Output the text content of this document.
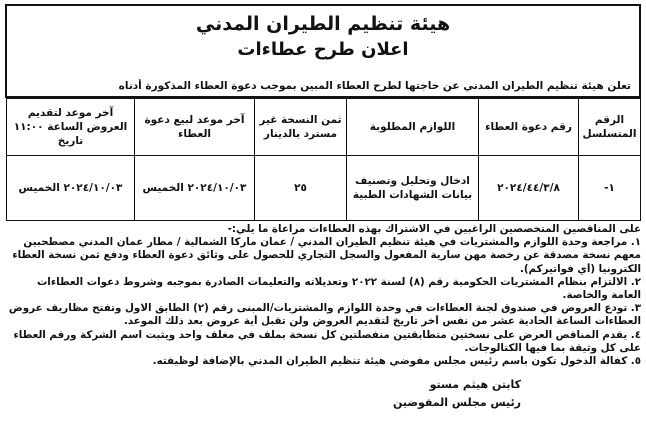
هيئة تنظيم الطيران المدني
اعلان طرح عطاءات
تعلن هيئة تنظيم الطيران المدني عن حاجتها لطرح العطاء المبين بموجب دعوة العطاء المذكورة أدناه
الرقم المتسلسل	رقم دعوة العطاء	اللوازم المطلوبة	ثمن النسخة غير مسترد بالدينار	آخر موعد لبيع دعوة العطاء	آخر موعد لتقديم العروض الساعة ١١:٠٠ تاريخ
١-	٢٠٢٤/٤٤/٣/٨	ادخال وتحليل وتصنيف بيانات الشهادات الطبية	٢٥	٢٠٢٤/١٠/٠٣ الخميس	٢٠٢٤/١٠/٠٣ الخميس

على المناقصين المتخصصين الراغبين في الاشتراك بهذه العطاءات مراعاة ما يلي:-

١. مراجعة وحدة اللوازم والمشتريات في هيئة تنظيم الطيران المدني / عمان ماركا الشمالية / مطار عمان المدني مصطحبين

معهم نسخة مصدقة عن رخصة مهن سارية المفعول والسجل التجاري للحصول على وثائق دعوة العطاء ودفع ثمن نسخة العطاء

الكترونيا (أي فواتيركم).

٢. الالتزام بنظام المشتريات الحكومية رقم (٨) لسنة ٢٠٢٢ وتعديلاته والتعليمات الصادرة بموجبه وشروط دعوات العطاءات

العامة والخاصة.

٣. تودع العروض في صندوق لجنة العطاءات في وحدة اللوازم والمشتريات/المبنى رقم (٢) الطابق الاول وتفتح مظاريف عروض

العطاءات الساعة الحادية عشر من نفس آخر تاريخ لتقديم العروض ولن تقبل أية عروض بعد ذلك الموعد.

٤. يقدم المناقص العرض على نسختين متطابقتين منفصلتين كل نسخة بملف في مغلف واحد ويثبت اسم الشركة ورقم العطاء

على كل وثيقة بما فيها الكتالوجات.

٥. كفالة الدخول تكون باسم رئيس مجلس مفوضي هيئة تنظيم الطيران المدني بالإضافة لوظيفته.

كابتن هيثم مستو
رئيس مجلس المفوضين
